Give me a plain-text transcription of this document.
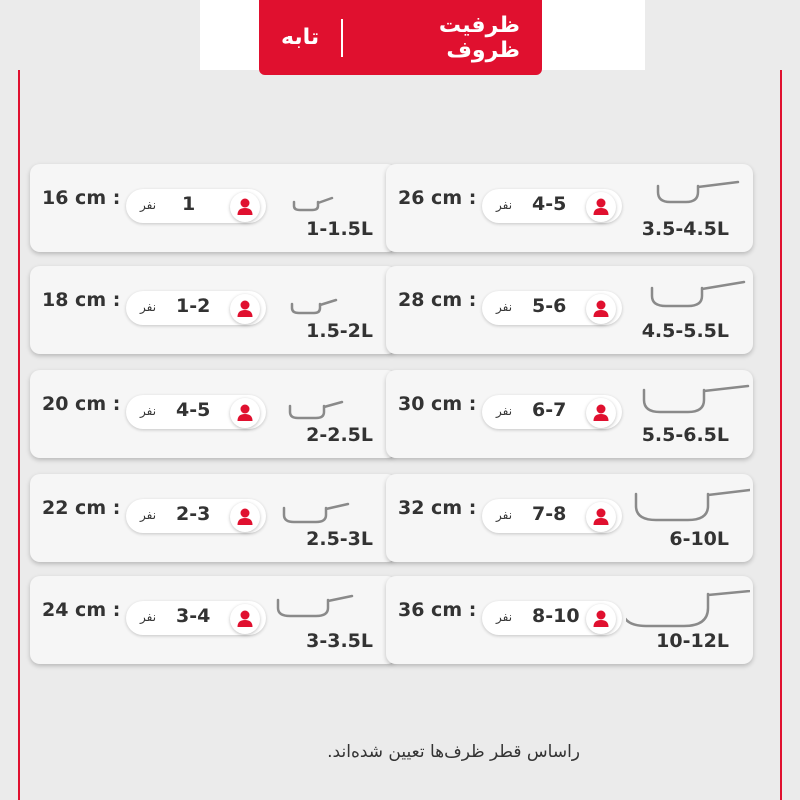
ظرفیت ظروف
تابه
16 cm : نفر 1
1-1.5L
18 cm : نفر 1-2
1.5-2L
20 cm : نفر 4-5
2-2.5L
22 cm : نفر 2-3
2.5-3L
24 cm : نفر 3-4
3-3.5L
26 cm : نفر 4-5
3.5-4.5L
28 cm : نفر 5-6
4.5-5.5L
30 cm : نفر 6-7
5.5-6.5L
32 cm : نفر 7-8
6-10L
36 cm : نفر 8-10
10-12L
راساس قطر ظرف‌ها تعیین شده‌اند.
